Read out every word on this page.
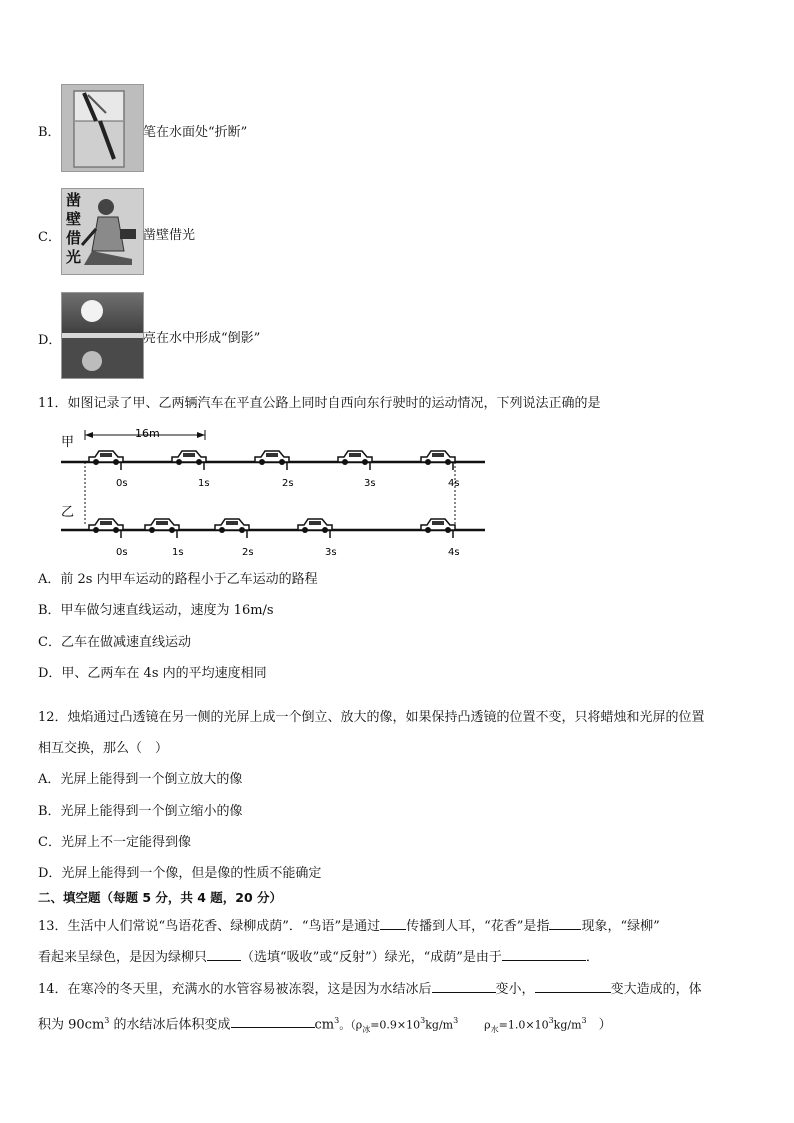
B．	笔在水面处“折断”
C．
凿
壁
借
光
凿壁借光
D．	亮在水中形成“倒影”
11．如图记录了甲、乙两辆汽车在平直公路上同时自西向东行驶时的运动情况，下列说法正确的是
甲
乙
16m
0s	1s	2s	3s	4s
0s	1s	2s	3s	4s
A．前 2s 内甲车运动的路程小于乙车运动的路程
B．甲车做匀速直线运动，速度为 16m/s
C．乙车在做减速直线运动
D．甲、乙两车在 4s 内的平均速度相同
12．烛焰通过凸透镜在另一侧的光屏上成一个倒立、放大的像，如果保持凸透镜的位置不变，只将蜡烛和光屏的位置
相互交换，那么（　）
A．光屏上能得到一个倒立放大的像
B．光屏上能得到一个倒立缩小的像
C．光屏上不一定能得到像
D．光屏上能得到一个像，但是像的性质不能确定
二、填空题（每题 5 分，共 4 题，20 分）
13．生活中人们常说“鸟语花香、绿柳成荫”．“鸟语”是通过 传播到人耳，“花香”是指 现象，“绿柳”
看起来呈绿色，是因为绿柳只	（选填“吸收”或“反射”）绿光，“成荫”是由于	．
14．在寒冷的冬天里，充满水的水管容易被冻裂，这是因为水结冰后	变小，	变大造成的，体
积为 $90cm^3$ 的水结冰后体积变成	$cm^3$。（$\rho_冰=0.9\times 10^3kg/m^3$ $\rho_水=1.0\times 10^3kg/m^3$ ）
